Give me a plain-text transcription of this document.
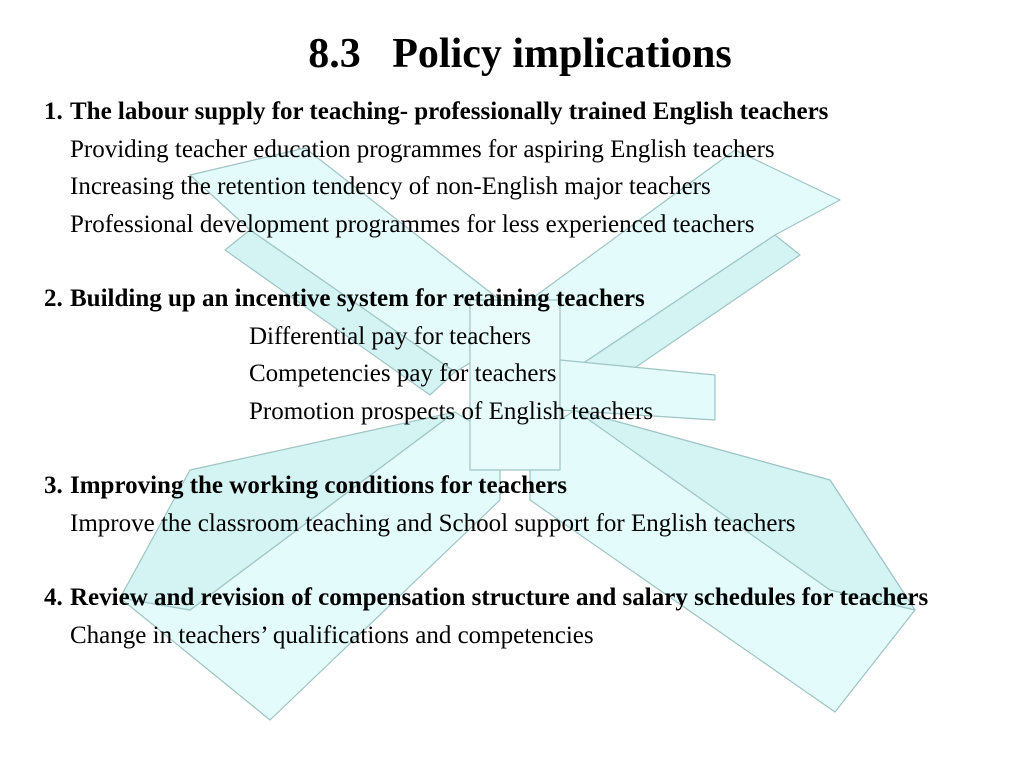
8.3   Policy implications
1. The labour supply for teaching- professionally trained English teachers
Providing teacher education programmes for aspiring English teachers
Increasing the retention tendency of non-English major teachers
Professional development programmes for less experienced teachers
2. Building up an incentive system for retaining teachers
Differential pay for teachers
Competencies pay for teachers
Promotion prospects of English teachers
3. Improving the working conditions for teachers
Improve the classroom teaching and School support for English teachers
4. Review and revision of compensation structure and salary schedules for teachers
Change in teachers’ qualifications and competencies
